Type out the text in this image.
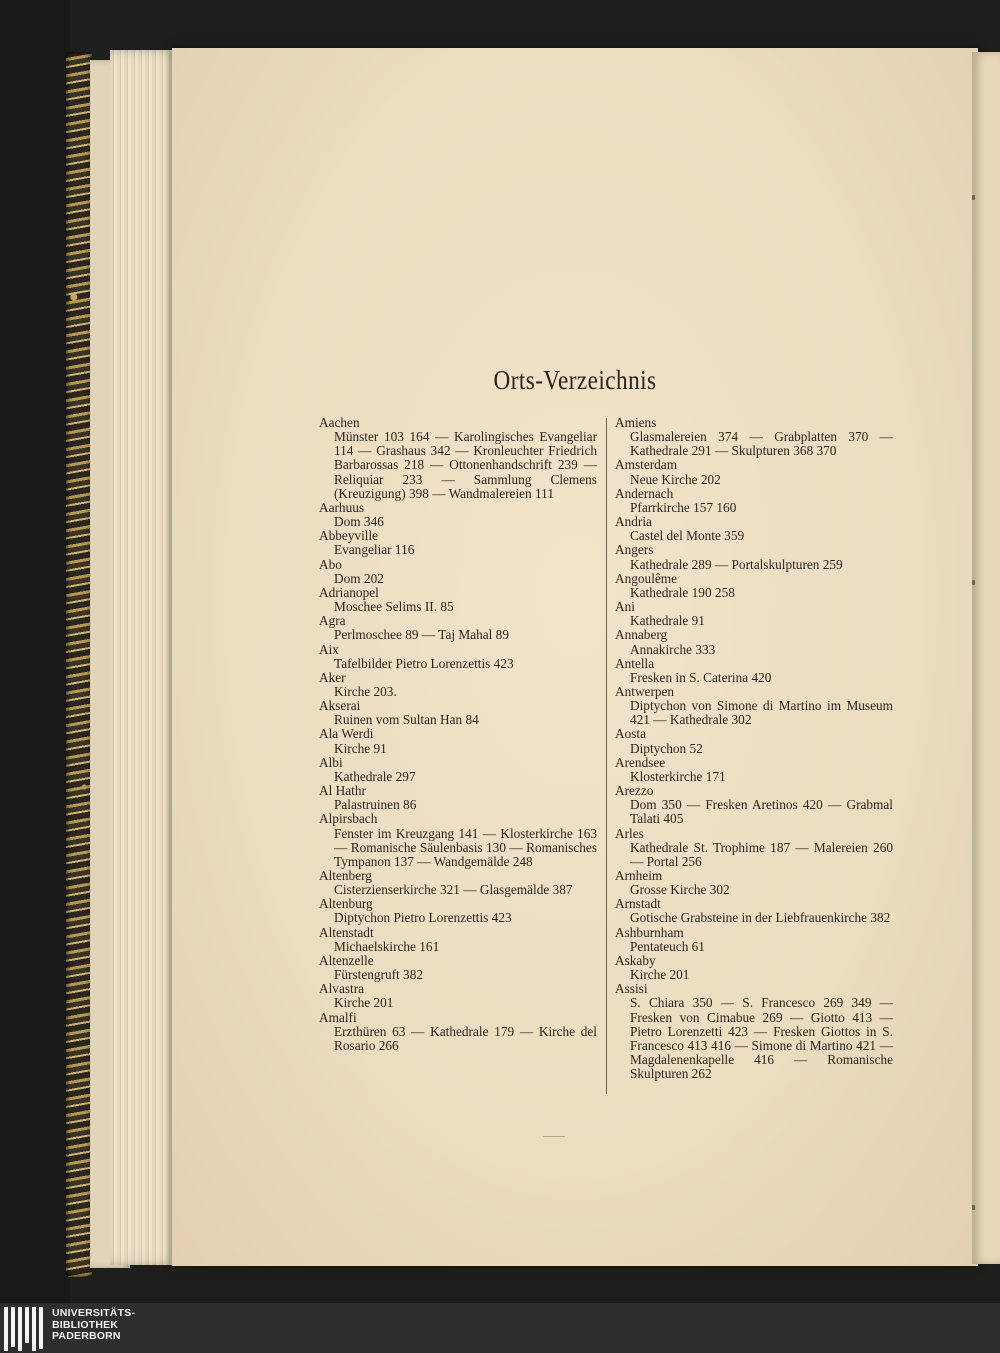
Orts-Verzeichnis
Aachen
Münster 103 164 — Karolingisches Evangeliar 114 — Grashaus 342 — Kronleuchter Friedrich Barbarossas 218 — Ottonenhandschrift 239 — Reliquiar 233 — Sammlung Clemens (Kreuzigung) 398 — Wandmalereien 111
Aarhuus
Dom 346
Abbeyville
Evangeliar 116
Abo
Dom 202
Adrianopel
Moschee Selims II. 85
Agra
Perlmoschee 89 — Taj Mahal 89
Aix
Tafelbilder Pietro Lorenzettis 423
Aker
Kirche 203.
Akserai
Ruinen vom Sultan Han 84
Ala Werdi
Kirche 91
Albi
Kathedrale 297
Al Hathr
Palastruinen 86
Alpirsbach
Fenster im Kreuzgang 141 — Klosterkirche 163 — Romanische Säulenbasis 130 — Romanisches Tympanon 137 — Wandgemälde 248
Altenberg
Cisterzienserkirche 321 — Glasgemälde 387
Altenburg
Diptychon Pietro Lorenzettis 423
Altenstadt
Michaelskirche 161
Altenzelle
Fürstengruft 382
Alvastra
Kirche 201
Amalfi
Erzthüren 63 — Kathedrale 179 — Kirche del Rosario 266
Amiens
Glasmalereien 374 — Grabplatten 370 — Kathedrale 291 — Skulpturen 368 370
Amsterdam
Neue Kirche 202
Andernach
Pfarrkirche 157 160
Andria
Castel del Monte 359
Angers
Kathedrale 289 — Portalskulpturen 259
Angoulême
Kathedrale 190 258
Ani
Kathedrale 91
Annaberg
Annakirche 333
Antella
Fresken in S. Caterina 420
Antwerpen
Diptychon von Simone di Martino im Museum 421 — Kathedrale 302
Aosta
Diptychon 52
Arendsee
Klosterkirche 171
Arezzo
Dom 350 — Fresken Aretinos 420 — Grabmal Talati 405
Arles
Kathedrale St. Trophime 187 — Malereien 260 — Portal 256
Arnheim
Grosse Kirche 302
Arnstadt
Gotische Grabsteine in der Liebfrauenkirche 382
Ashburnham
Pentateuch 61
Askaby
Kirche 201
Assisi
S. Chiara 350 — S. Francesco 269 349 — Fresken von Cimabue 269 — Giotto 413 — Pietro Lorenzetti 423 — Fresken Giottos in S. Francesco 413 416 — Simone di Martino 421 — Magdalenenkapelle 416 — Romanische Skulpturen 262
UNIVERSITÄTS-
BIBLIOTHEK
PADERBORN
